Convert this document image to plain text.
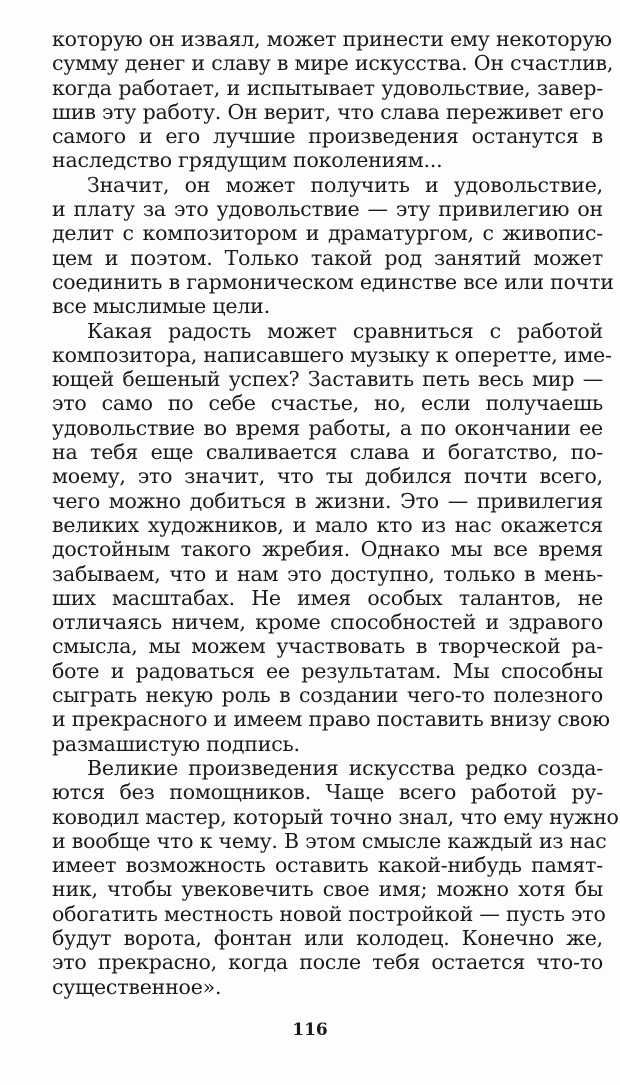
которую он изваял, может принести ему некоторую
сумму денег и славу в мире искусства. Он счастлив,
когда работает, и испытывает удовольствие, завер-
шив эту работу. Он верит, что слава переживет его
самого и его лучшие произведения останутся в
наследство грядущим поколениям...
Значит, он может получить и удовольствие,
и плату за это удовольствие — эту привилегию он
делит с композитором и драматургом, с живопис-
цем и поэтом. Только такой род занятий может
соединить в гармоническом единстве все или почти
все мыслимые цели.
Какая радость может сравниться с работой
композитора, написавшего музыку к оперетте, име-
ющей бешеный успех? Заставить петь весь мир —
это само по себе счастье, но, если получаешь
удовольствие во время работы, а по окончании ее
на тебя еще сваливается слава и богатство, по-
моему, это значит, что ты добился почти всего,
чего можно добиться в жизни. Это — привилегия
великих художников, и мало кто из нас окажется
достойным такого жребия. Однако мы все время
забываем, что и нам это доступно, только в мень-
ших масштабах. Не имея особых талантов, не
отличаясь ничем, кроме способностей и здравого
смысла, мы можем участвовать в творческой ра-
боте и радоваться ее результатам. Мы способны
сыграть некую роль в создании чего-то полезного
и прекрасного и имеем право поставить внизу свою
размашистую подпись.
Великие произведения искусства редко созда-
ются без помощников. Чаще всего работой ру-
ководил мастер, который точно знал, что ему нужно
и вообще что к чему. В этом смысле каждый из нас
имеет возможность оставить какой-нибудь памят-
ник, чтобы увековечить свое имя; можно хотя бы
обогатить местность новой постройкой — пусть это
будут ворота, фонтан или колодец. Конечно же,
это прекрасно, когда после тебя остается что-то
существенное».
116
